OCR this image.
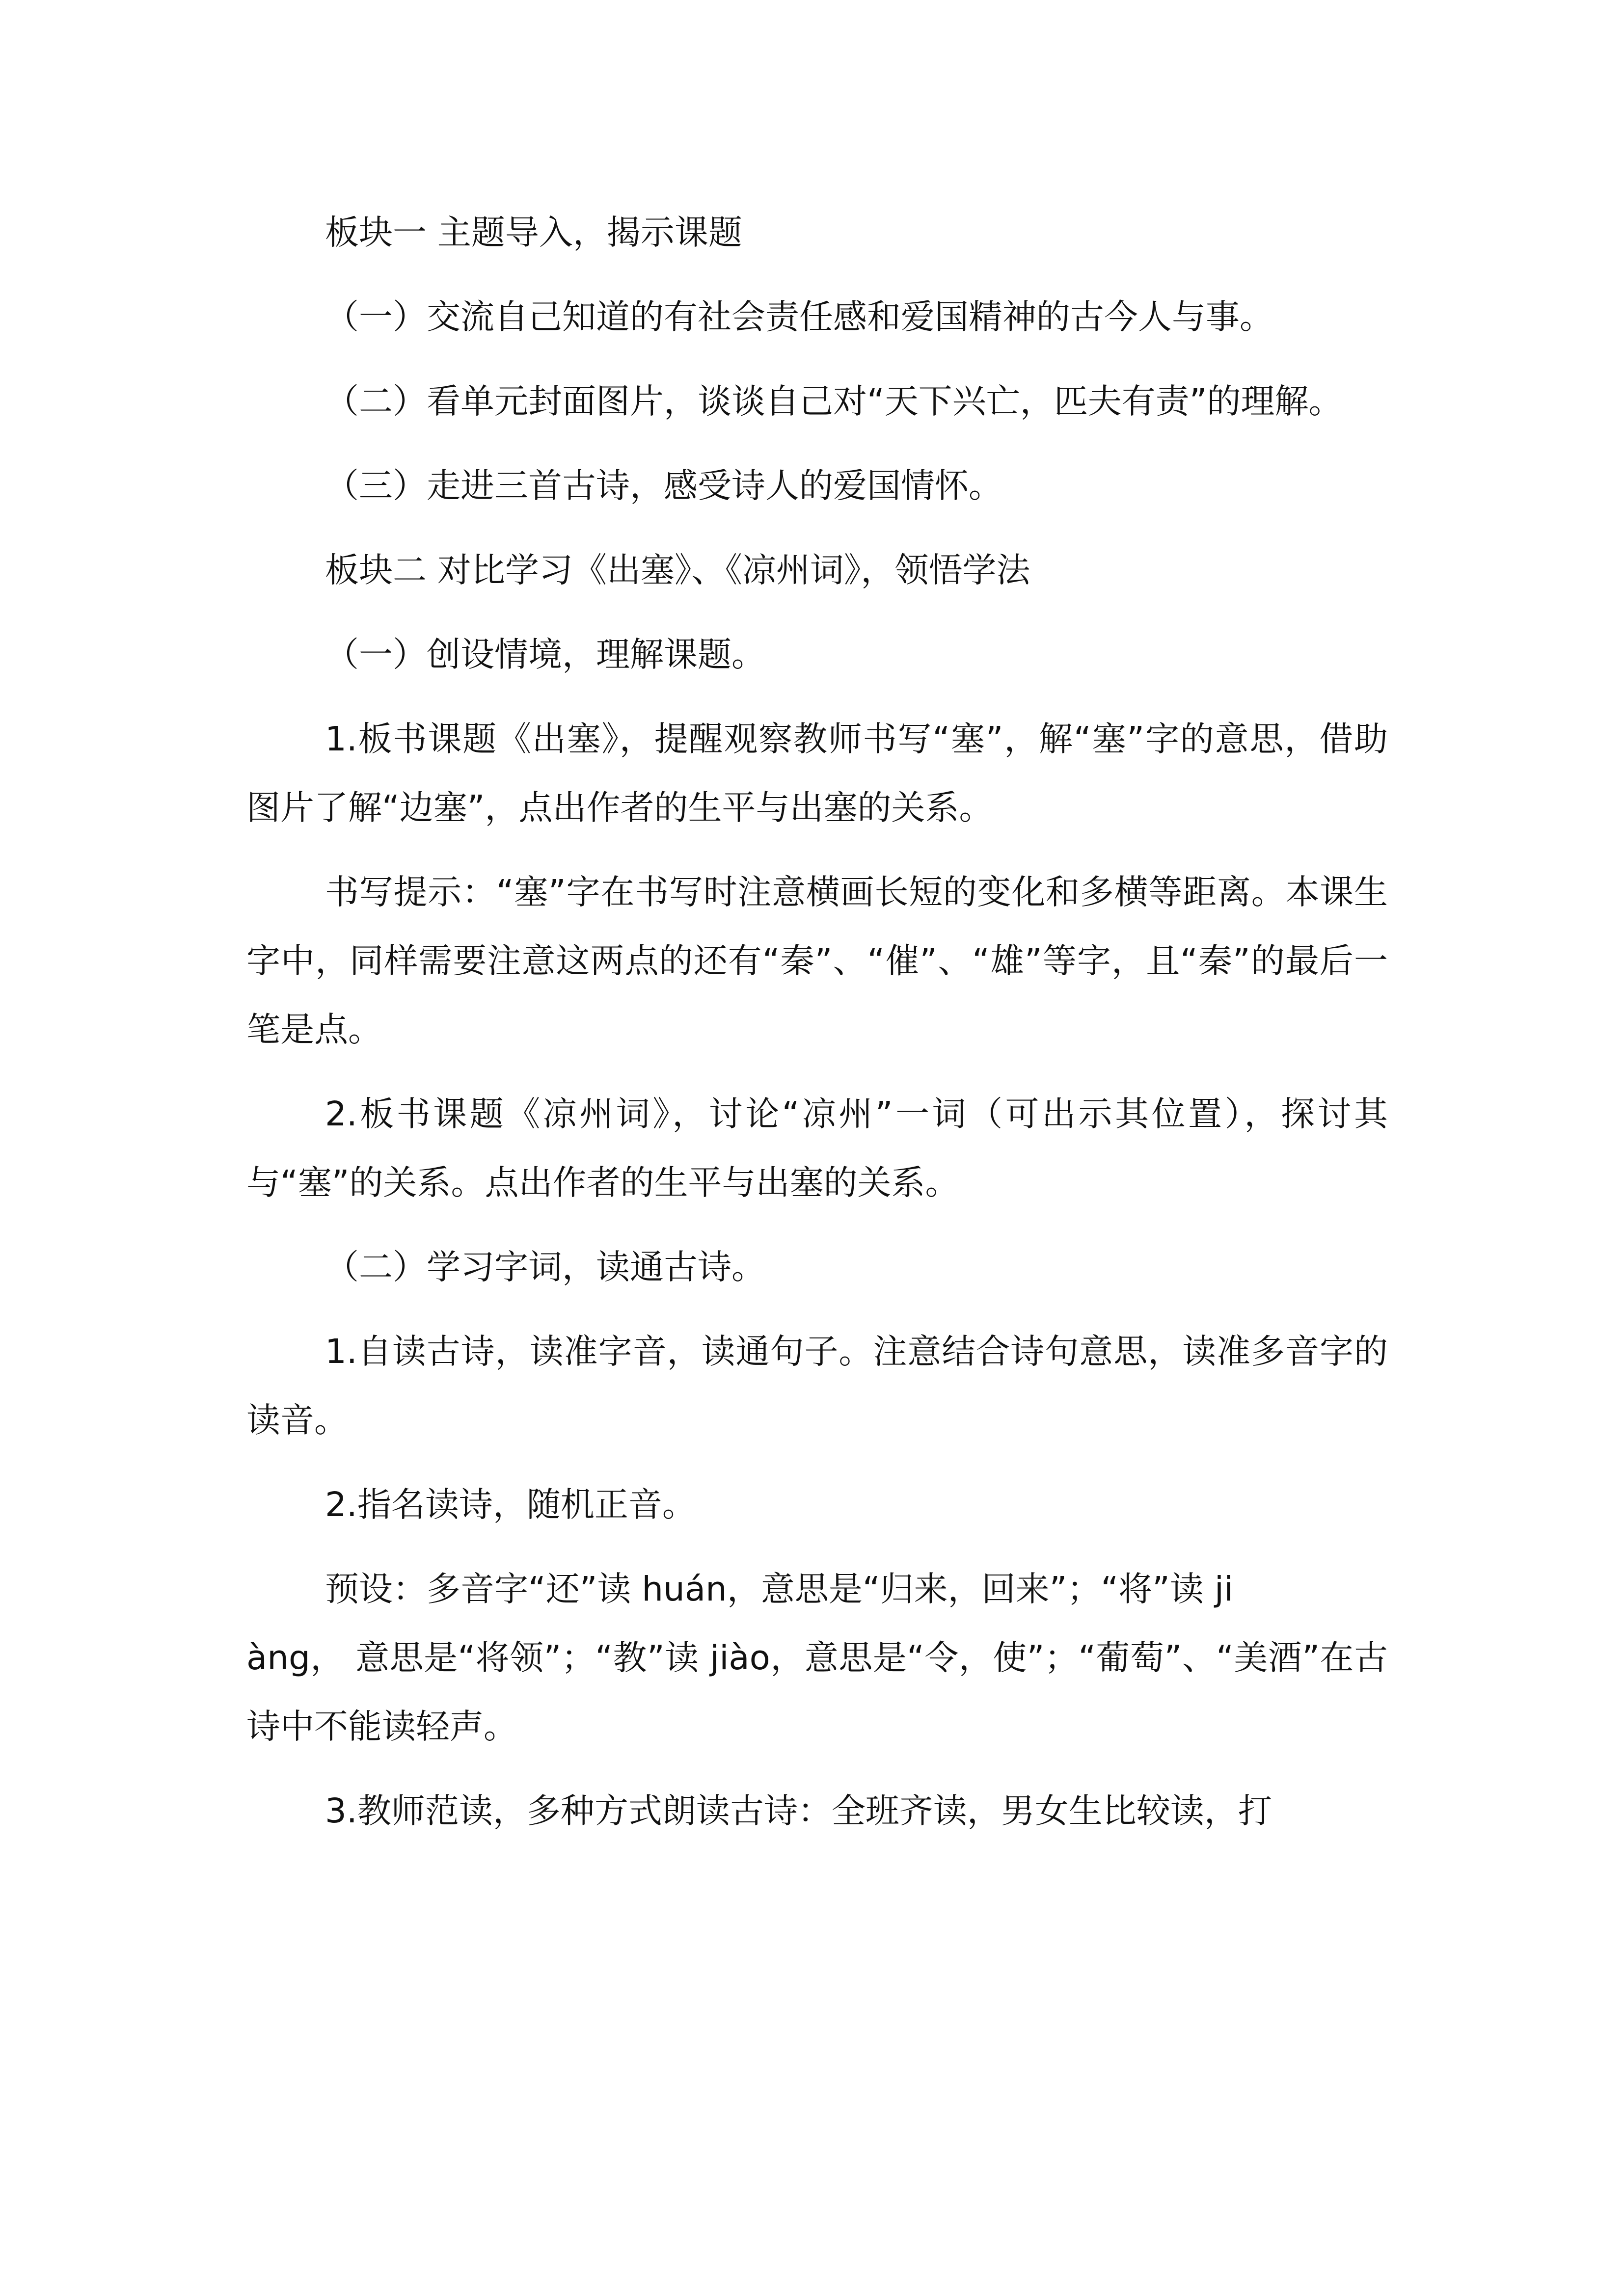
板块一 主题导入，揭示课题

（一）交流自己知道的有社会责任感和爱国精神的古今人与事。

（二）看单元封面图片，谈谈自己对“天下兴亡，匹夫有责”的理解。

（三）走进三首古诗，感受诗人的爱国情怀。

板块二 对比学习《出塞》、《凉州词》，领悟学法

（一）创设情境，理解课题。

1.板书课题《出塞》，提醒观察教师书写“塞”，解“塞”字的意思，借助图片了解“边塞”，点出作者的生平与出塞的关系。

书写提示：“塞”字在书写时注意横画长短的变化和多横等距离。本课生字中，同样需要注意这两点的还有“秦”、“催”、“雄”等字，且“秦”的最后一笔是点。

2.板书课题《凉州词》，讨论“凉州”一词（可出示其位置），探讨其与“塞”的关系。点出作者的生平与出塞的关系。

（二）学习字词，读通古诗。

1.自读古诗，读准字音，读通句子。注意结合诗句意思，读准多音字的读音。

2.指名读诗，随机正音。

预设：多音字“还”读 huán，意思是“归来，回来”；“将”读 ji

àng， 意思是“将领”；“教”读 jiào，意思是“令，使”；“葡萄”、“美酒”在古诗中不能读轻声。

3.教师范读，多种方式朗读古诗：全班齐读，男女生比较读，打
